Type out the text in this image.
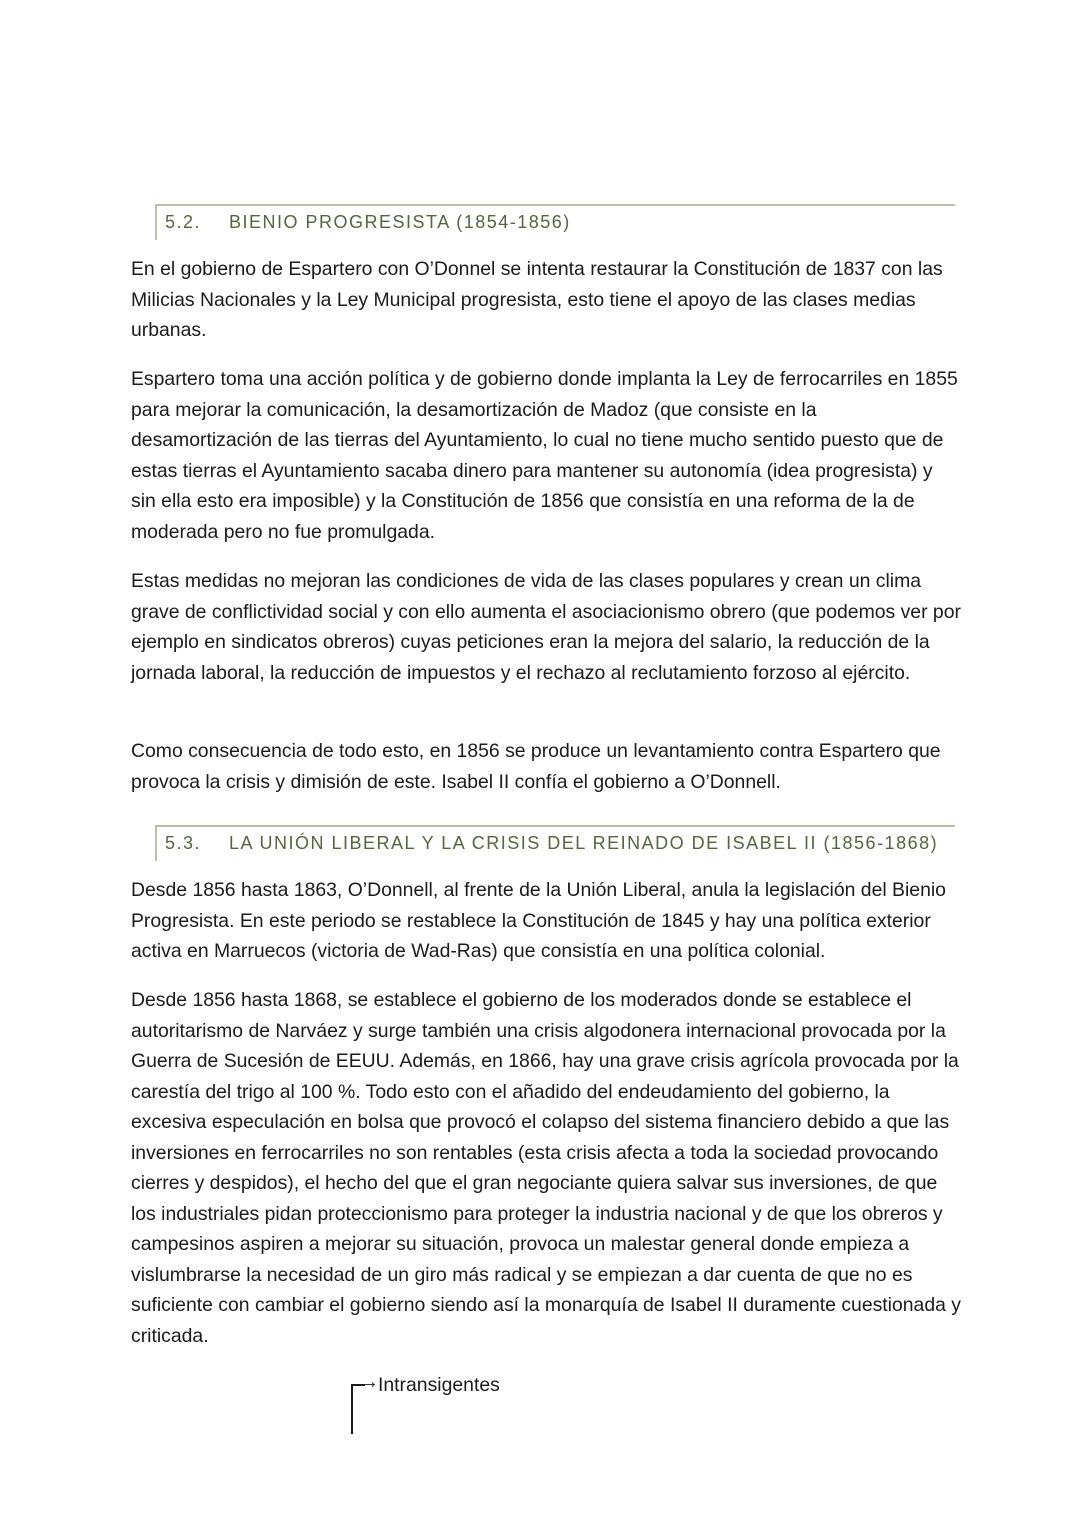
5.2. BIENIO PROGRESISTA (1854-1856)

En el gobierno de Espartero con O’Donnel se intenta restaurar la Constitución de 1837 con las Milicias Nacionales y la Ley Municipal progresista, esto tiene el apoyo de las clases medias urbanas.

Espartero toma una acción política y de gobierno donde implanta la Ley de ferrocarriles en 1855 para mejorar la comunicación, la desamortización de Madoz (que consiste en la desamortización de las tierras del Ayuntamiento, lo cual no tiene mucho sentido puesto que de estas tierras el Ayuntamiento sacaba dinero para mantener su autonomía (idea progresista) y sin ella esto era imposible) y la Constitución de 1856 que consistía en una reforma de la de moderada pero no fue promulgada.

Estas medidas no mejoran las condiciones de vida de las clases populares y crean un clima grave de conflictividad social y con ello aumenta el asociacionismo obrero (que podemos ver por ejemplo en sindicatos obreros) cuyas peticiones eran la mejora del salario, la reducción de la jornada laboral, la reducción de impuestos y el rechazo al reclutamiento forzoso al ejército.

Como consecuencia de todo esto, en 1856 se produce un levantamiento contra Espartero que provoca la crisis y dimisión de este. Isabel II confía el gobierno a O’Donnell.

5.3. LA UNIÓN LIBERAL Y LA CRISIS DEL REINADO DE ISABEL II (1856-1868)

Desde 1856 hasta 1863, O’Donnell, al frente de la Unión Liberal, anula la legislación del Bienio Progresista. En este periodo se restablece la Constitución de 1845 y hay una política exterior activa en Marruecos (victoria de Wad-Ras) que consistía en una política colonial.

Desde 1856 hasta 1868, se establece el gobierno de los moderados donde se establece el autoritarismo de Narváez y surge también una crisis algodonera internacional provocada por la Guerra de Sucesión de EEUU. Además, en 1866, hay una grave crisis agrícola provocada por la carestía del trigo al 100 %. Todo esto con el añadido del endeudamiento del gobierno, la excesiva especulación en bolsa que provocó el colapso del sistema financiero debido a que las inversiones en ferrocarriles no son rentables (esta crisis afecta a toda la sociedad provocando cierres y despidos), el hecho del que el gran negociante quiera salvar sus inversiones, de que los industriales pidan proteccionismo para proteger la industria nacional y de que los obreros y campesinos aspiren a mejorar su situación, provoca un malestar general donde empieza a vislumbrarse la necesidad de un giro más radical y se empiezan a dar cuenta de que no es suficiente con cambiar el gobierno siendo así la monarquía de Isabel II duramente cuestionada y criticada.

→ Intransigentes
